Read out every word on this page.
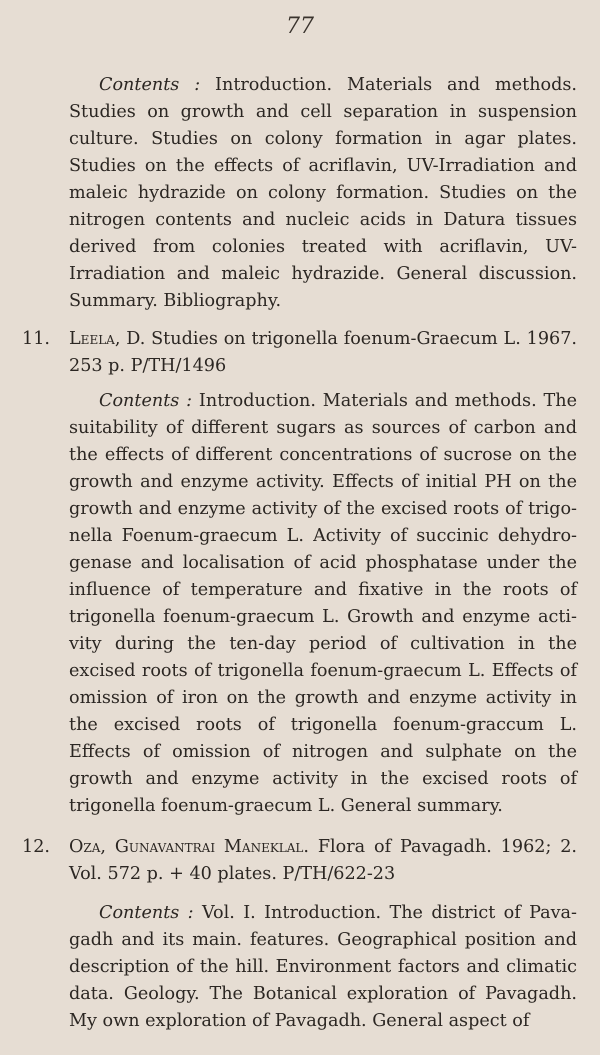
77
Contents : Introduction. Materials and methods. Studies on growth and cell separation in suspension culture. Studies on colony formation in agar plates. Studies on the effects of acriflavin, UV-Irradiation and maleic hydrazide on colony formation. Studies on the nitrogen contents and nucleic acids in Datura tissues derived from colonies treated with acriflavin, UV-Irradiation and maleic hydrazide. General discussion. Summary. Bibliography.
11.	Leela, D. Studies on trigonella foenum-Graecum L. 1967. 253 p. P/TH/1496
Contents : Introduction. Materials and methods. The suitability of different sugars as sources of carbon and the effects of different concentrations of sucrose on the growth and enzyme activity. Effects of initial PH on the growth and enzyme activity of the excised roots of trigonella Foenum-graecum L. Activity of succinic dehydrogenase and localisation of acid phosphatase under the influence of temperature and fixative in the roots of trigonella foenum-graecum L. Growth and enzyme activity during the ten-day period of cultivation in the excised roots of trigonella foenum-graecum L. Effects of omission of iron on the growth and enzyme activity in the excised roots of trigonella foenum-graccum L. Effects of omission of nitrogen and sulphate on the growth and enzyme activity in the excised roots of trigonella foenum-graecum L. General summary.
12.	Oza, Gunavantrai Maneklal. Flora of Pavagadh. 1962; 2. Vol. 572 p. + 40 plates. P/TH/622-23
Contents : Vol. I. Introduction. The district of Pavagadh and its main. features. Geographical position and description of the hill. Environment factors and climatic data. Geology. The Botanical exploration of Pavagadh. My own exploration of Pavagadh. General aspect of
